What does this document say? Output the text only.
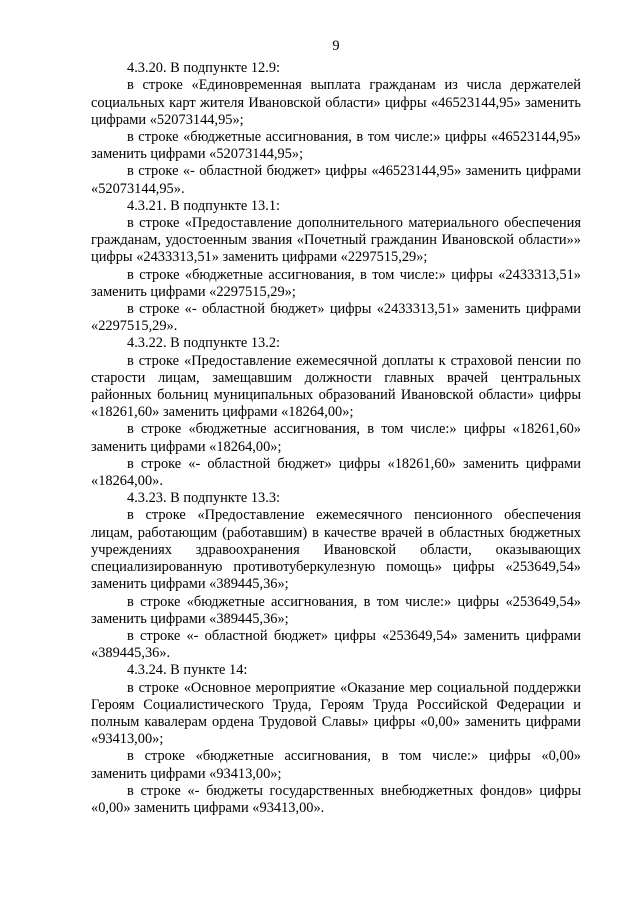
9

4.3.20. В подпункте 12.9:

в строке «Единовременная выплата гражданам из числа держателей социальных карт жителя Ивановской области» цифры «46523144,95» заменить цифрами «52073144,95»;

в строке «бюджетные ассигнования, в том числе:» цифры «46523144,95» заменить цифрами «52073144,95»;

в строке «- областной бюджет» цифры «46523144,95» заменить цифрами «52073144,95».

4.3.21. В подпункте 13.1:

в строке «Предоставление дополнительного материального обеспечения гражданам, удостоенным звания «Почетный гражданин Ивановской области»» цифры «2433313,51» заменить цифрами «2297515,29»;

в строке «бюджетные ассигнования, в том числе:» цифры «2433313,51» заменить цифрами «2297515,29»;

в строке «- областной бюджет» цифры «2433313,51» заменить цифрами «2297515,29».

4.3.22. В подпункте 13.2:

в строке «Предоставление ежемесячной доплаты к страховой пенсии по старости лицам, замещавшим должности главных врачей центральных районных больниц муниципальных образований Ивановской области» цифры «18261,60» заменить цифрами «18264,00»;

в строке «бюджетные ассигнования, в том числе:» цифры «18261,60» заменить цифрами «18264,00»;

в строке «- областной бюджет» цифры «18261,60» заменить цифрами «18264,00».

4.3.23. В подпункте 13.3:

в строке «Предоставление ежемесячного пенсионного обеспечения лицам, работающим (работавшим) в качестве врачей в областных бюджетных учреждениях здравоохранения Ивановской области, оказывающих специализированную противотуберкулезную помощь» цифры «253649,54» заменить цифрами «389445,36»;

в строке «бюджетные ассигнования, в том числе:» цифры «253649,54» заменить цифрами «389445,36»;

в строке «- областной бюджет» цифры «253649,54» заменить цифрами «389445,36».

4.3.24. В пункте 14:

в строке «Основное мероприятие «Оказание мер социальной поддержки Героям Социалистического Труда, Героям Труда Российской Федерации и полным кавалерам ордена Трудовой Славы» цифры «0,00» заменить цифрами «93413,00»;

в строке «бюджетные ассигнования, в том числе:» цифры «0,00» заменить цифрами «93413,00»;

в строке «- бюджеты государственных внебюджетных фондов» цифры «0,00» заменить цифрами «93413,00».
